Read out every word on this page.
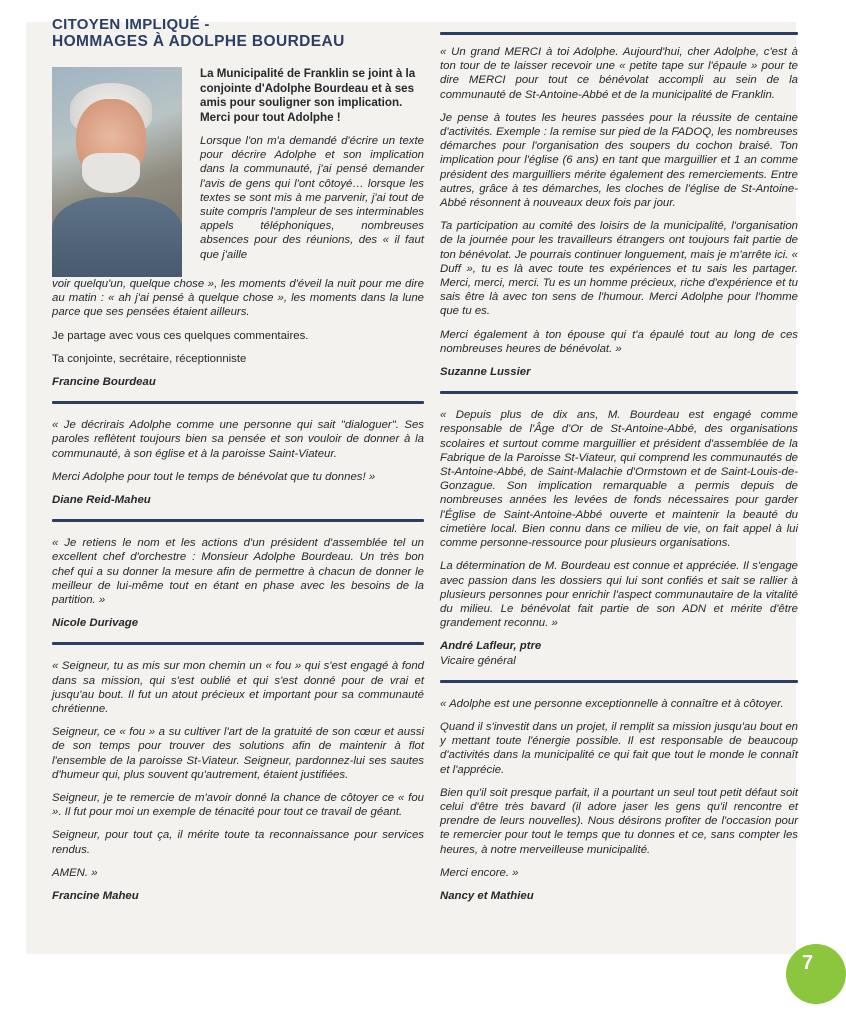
CITOYEN IMPLIQUÉ -
HOMMAGES À ADOLPHE BOURDEAU
La Municipalité de Franklin se joint à la conjointe d'Adolphe Bourdeau et à ses amis pour souligner son implication. Merci pour tout Adolphe !

Lorsque l'on m'a demandé d'écrire un texte pour décrire Adolphe et son implication dans la communauté, j'ai pensé demander l'avis de gens qui l'ont côtoyé… lorsque les textes se sont mis à me parvenir, j'ai tout de suite compris l'ampleur de ses interminables appels téléphoniques, nombreuses absences pour des réunions, des « il faut que j'aille

voir quelqu'un, quelque chose », les moments d'éveil la nuit pour me dire au matin : « ah j'ai pensé à quelque chose », les moments dans la lune parce que ses pensées étaient ailleurs.

Je partage avec vous ces quelques commentaires.

Ta conjointe, secrétaire, réceptionniste

Francine Bourdeau

« Je décrirais Adolphe comme une personne qui sait "dialoguer". Ses paroles reflètent toujours bien sa pensée et son vouloir de donner à la communauté, à son église et à la paroisse Saint-Viateur.

Merci Adolphe pour tout le temps de bénévolat que tu donnes! »

Diane Reid-Maheu

« Je retiens le nom et les actions d'un président d'assemblée tel un excellent chef d'orchestre : Monsieur Adolphe Bourdeau. Un très bon chef qui a su donner la mesure afin de permettre à chacun de donner le meilleur de lui-même tout en étant en phase avec les besoins de la partition. »

Nicole Durivage

« Seigneur, tu as mis sur mon chemin un « fou » qui s'est engagé à fond dans sa mission, qui s'est oublié et qui s'est donné pour de vrai et jusqu'au bout. Il fut un atout précieux et important pour sa communauté chrétienne.

Seigneur, ce « fou » a su cultiver l'art de la gratuité de son cœur et aussi de son temps pour trouver des solutions afin de maintenir à flot l'ensemble de la paroisse St-Viateur. Seigneur, pardonnez-lui ses sautes d'humeur qui, plus souvent qu'autrement, étaient justifiées.

Seigneur, je te remercie de m'avoir donné la chance de côtoyer ce « fou ». Il fut pour moi un exemple de ténacité pour tout ce travail de géant.

Seigneur, pour tout ça, il mérite toute ta reconnaissance pour services rendus.

AMEN. »

Francine Maheu

« Un grand MERCI à toi Adolphe. Aujourd'hui, cher Adolphe, c'est à ton tour de te laisser recevoir une « petite tape sur l'épaule » pour te dire MERCI pour tout ce bénévolat accompli au sein de la communauté de St-Antoine-Abbé et de la municipalité de Franklin.

Je pense à toutes les heures passées pour la réussite de centaine d'activités. Exemple : la remise sur pied de la FADOQ, les nombreuses démarches pour l'organisation des soupers du cochon braisé. Ton implication pour l'église (6 ans) en tant que marguillier et 1 an comme président des marguilliers mérite également des remerciements. Entre autres, grâce à tes démarches, les cloches de l'église de St-Antoine-Abbé résonnent à nouveaux deux fois par jour.

Ta participation au comité des loisirs de la municipalité, l'organisation de la journée pour les travailleurs étrangers ont toujours fait partie de ton bénévolat. Je pourrais continuer longuement, mais je m'arrête ici. « Duff », tu es là avec toute tes expériences et tu sais les partager. Merci, merci, merci. Tu es un homme précieux, riche d'expérience et tu sais être là avec ton sens de l'humour. Merci Adolphe pour l'homme que tu es.

Merci également à ton épouse qui t'a épaulé tout au long de ces nombreuses heures de bénévolat. »

Suzanne Lussier

« Depuis plus de dix ans, M. Bourdeau est engagé comme responsable de l'Âge d'Or de St-Antoine-Abbé, des organisations scolaires et surtout comme marguillier et président d'assemblée de la Fabrique de la Paroisse St-Viateur, qui comprend les communautés de St-Antoine-Abbé, de Saint-Malachie d'Ormstown et de Saint-Louis-de-Gonzague. Son implication remarquable a permis depuis de nombreuses années les levées de fonds nécessaires pour garder l'Église de Saint-Antoine-Abbé ouverte et maintenir la beauté du cimetière local. Bien connu dans ce milieu de vie, on fait appel à lui comme personne-ressource pour plusieurs organisations.

La détermination de M. Bourdeau est connue et appréciée. Il s'engage avec passion dans les dossiers qui lui sont confiés et sait se rallier à plusieurs personnes pour enrichir l'aspect communautaire de la vitalité du milieu. Le bénévolat fait partie de son ADN et mérite d'être grandement reconnu. »

André Lafleur, ptre

Vicaire général

« Adolphe est une personne exceptionnelle à connaître et à côtoyer.

Quand il s'investit dans un projet, il remplit sa mission jusqu'au bout en y mettant toute l'énergie possible. Il est responsable de beaucoup d'activités dans la municipalité ce qui fait que tout le monde le connaît et l'apprécie.

Bien qu'il soit presque parfait, il a pourtant un seul tout petit défaut soit celui d'être très bavard (il adore jaser les gens qu'il rencontre et prendre de leurs nouvelles). Nous désirons profiter de l'occasion pour te remercier pour tout le temps que tu donnes et ce, sans compter les heures, à notre merveilleuse municipalité.

Merci encore. »

Nancy et Mathieu

7
